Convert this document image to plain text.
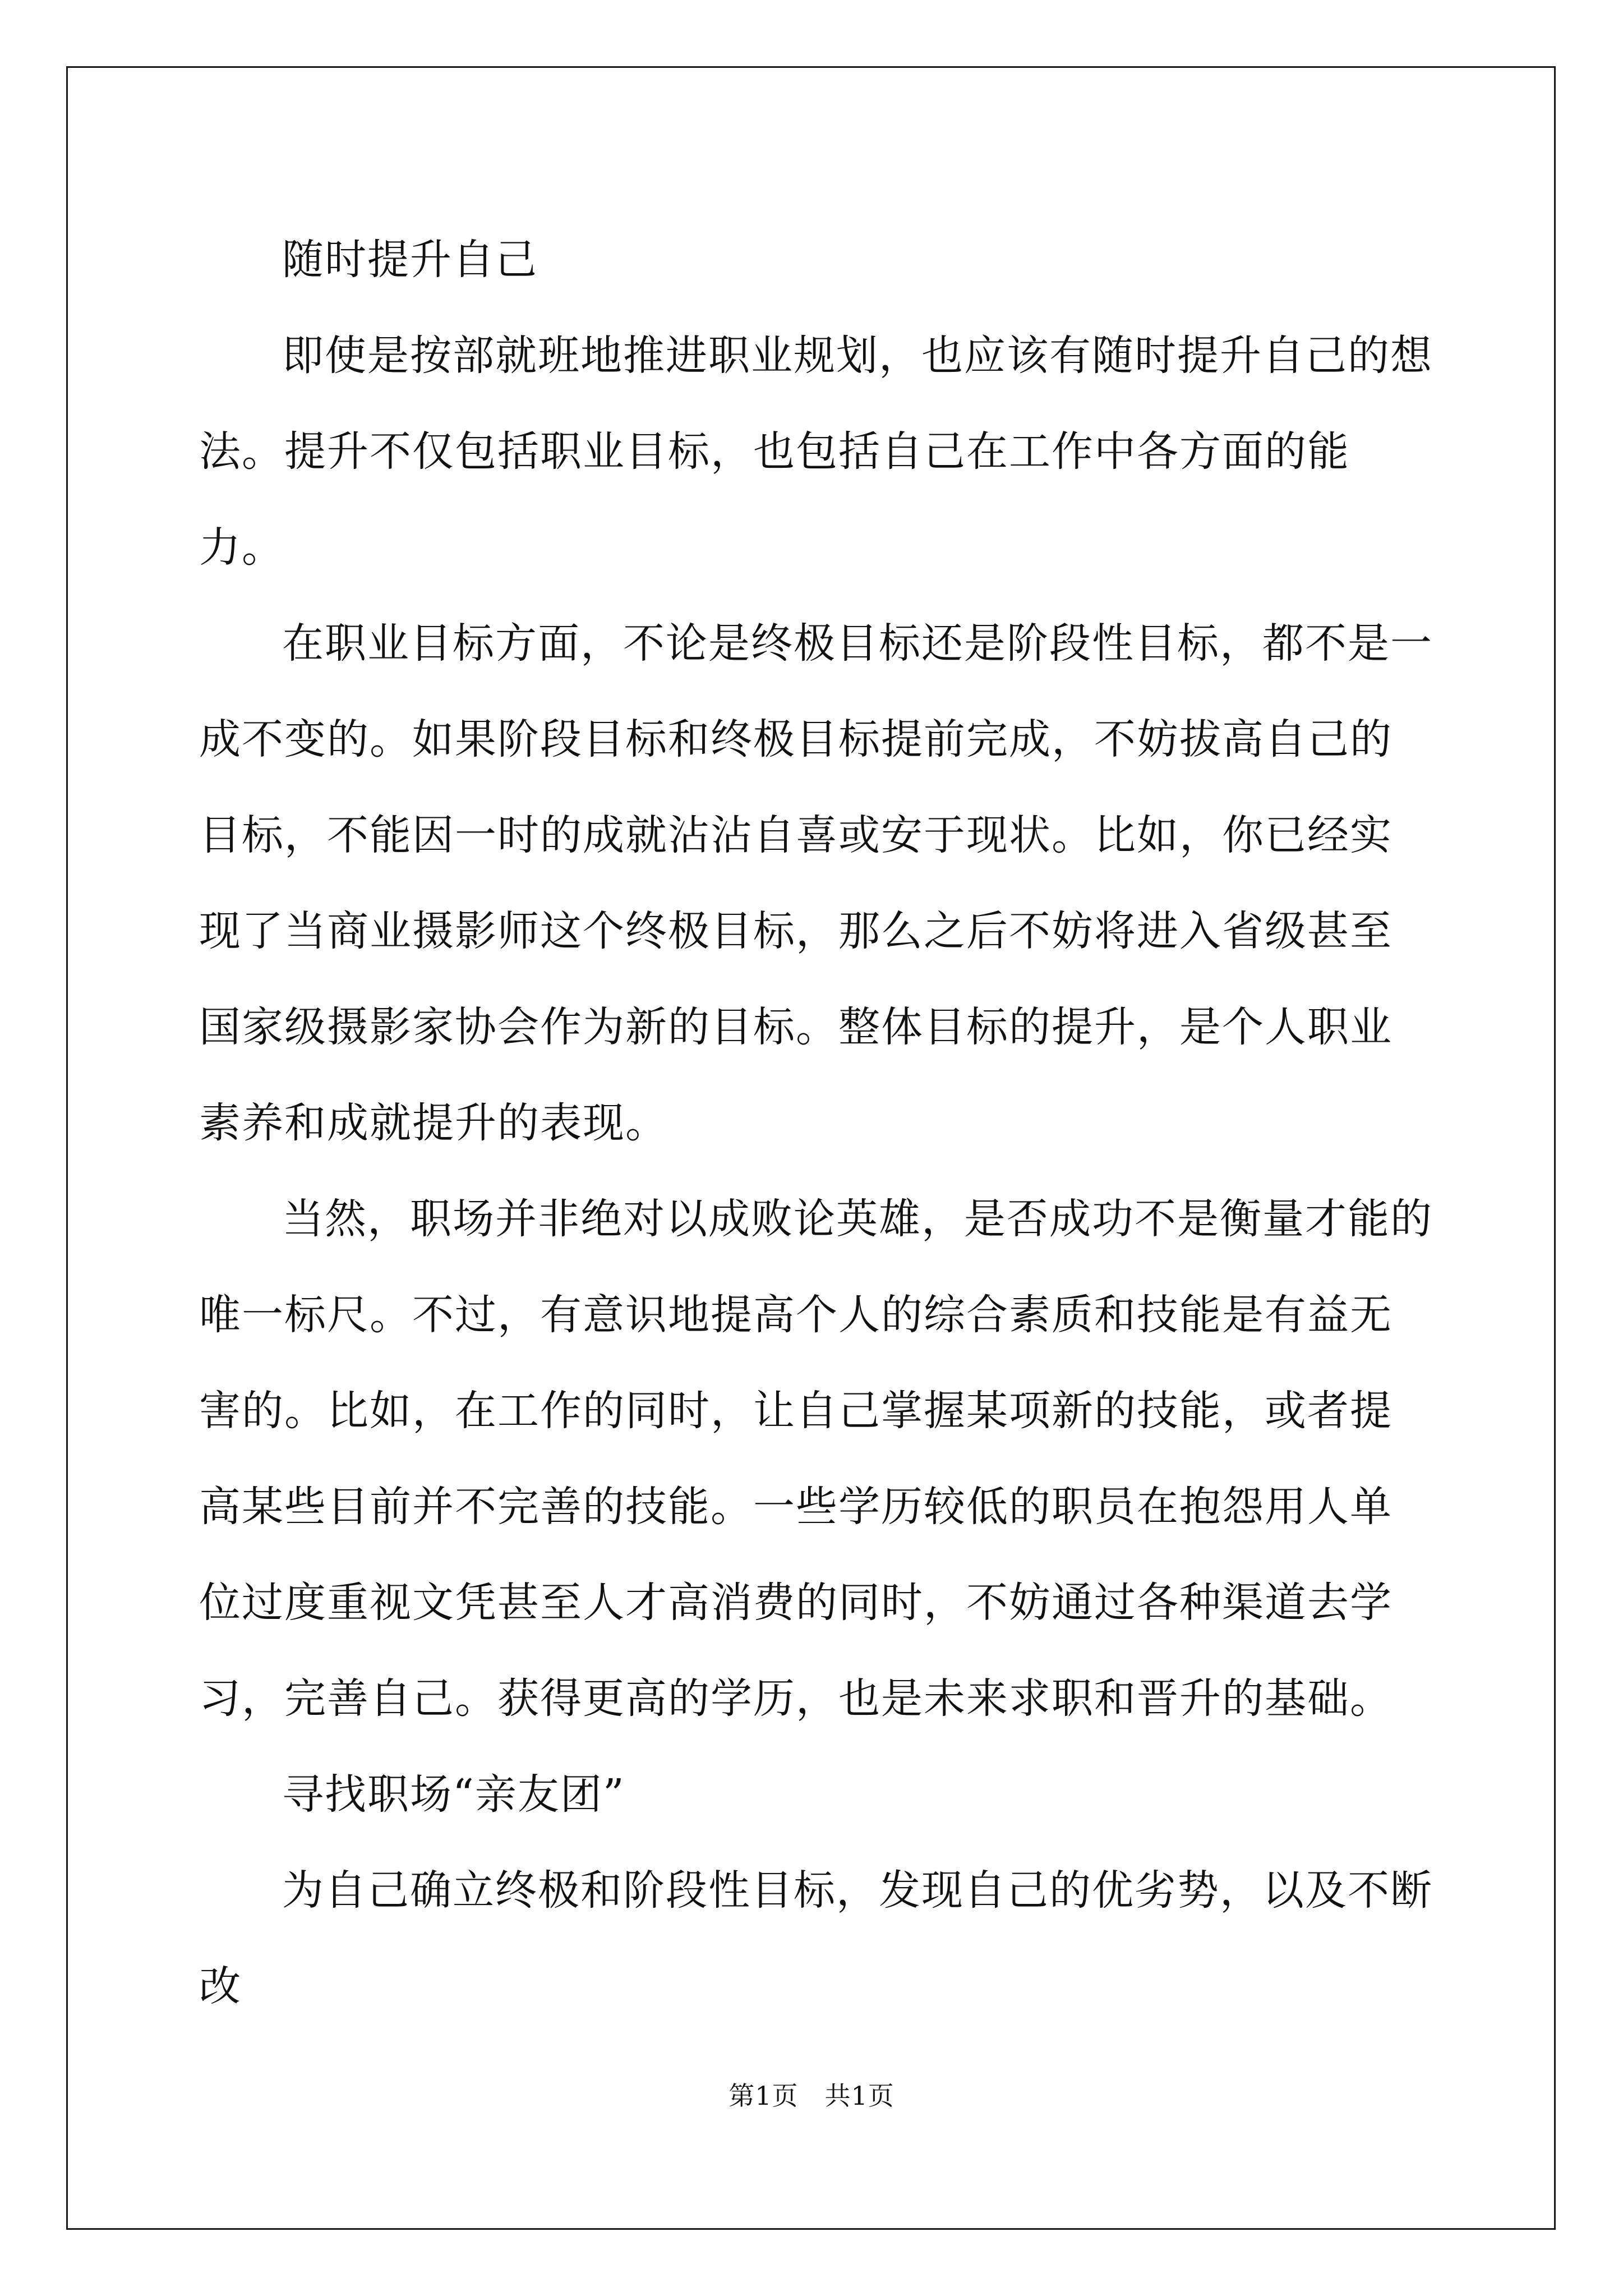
随时提升自己

即使是按部就班地推进职业规划，也应该有随时提升自己的想法。提升不仅包括职业目标，也包括自己在工作中各方面的能力。

在职业目标方面，不论是终极目标还是阶段性目标，都不是一成不变的。如果阶段目标和终极目标提前完成，不妨拔高自己的目标，不能因一时的成就沾沾自喜或安于现状。比如，你已经实现了当商业摄影师这个终极目标，那么之后不妨将进入省级甚至国家级摄影家协会作为新的目标。整体目标的提升，是个人职业素养和成就提升的表现。

当然，职场并非绝对以成败论英雄，是否成功不是衡量才能的唯一标尺。不过，有意识地提高个人的综合素质和技能是有益无害的。比如，在工作的同时，让自己掌握某项新的技能，或者提高某些目前并不完善的技能。一些学历较低的职员在抱怨用人单位过度重视文凭甚至人才高消费的同时，不妨通过各种渠道去学习，完善自己。获得更高的学历，也是未来求职和晋升的基础。

寻找职场“亲友团”

为自己确立终极和阶段性目标，发现自己的优劣势，以及不断改

第1页　共1页
